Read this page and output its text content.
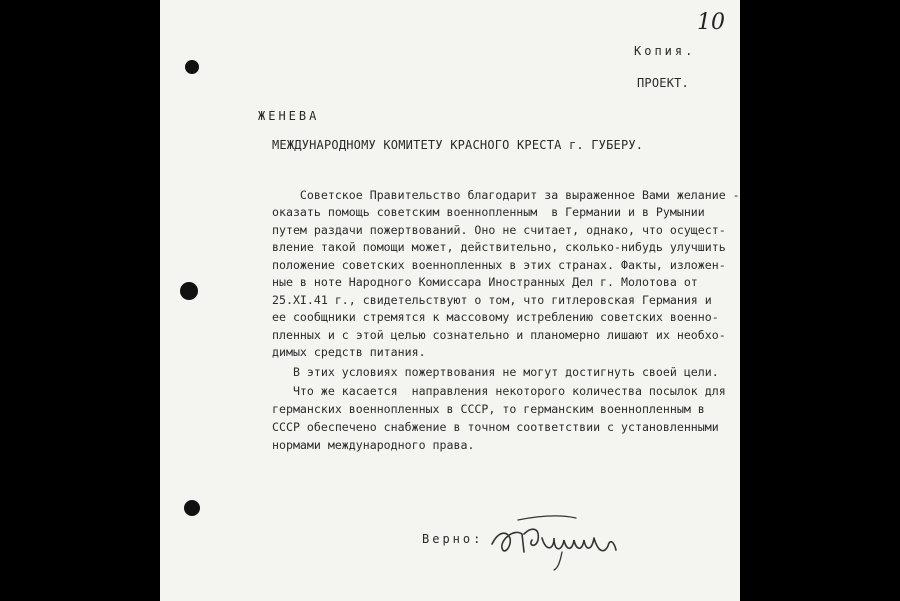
10
Копия.
ПРОЕКТ.
ЖЕНЕВА
МЕЖДУНАРОДНОМУ КОМИТЕТУ КРАСНОГО КРЕСТА г. ГУБЕРУ.
Советское Правительство благодарит за выраженное Вами желание -
оказать помощь советским военнопленным  в Германии и в Румынии
путем раздачи пожертвований. Оно не считает, однако, что осущест-
вление такой помощи может, действительно, сколько-нибудь улучшить
положение советских военнопленных в этих странах. Факты, изложен-
ные в ноте Народного Комиссара Иностранных Дел г. Молотова от
25.XI.41 г., свидетельствуют о том, что гитлеровская Германия и
ее сообщники стремятся к массовому истреблению советских военно-
пленных и с этой целью сознательно и планомерно лишают их необхо-
димых средств питания.
В этих условиях пожертвования не могут достигнуть своей цели.
Что же касается  направления некоторого количества посылок для
германских военнопленных в СССР, то германским военнопленным в
СССР обеспечено снабжение в точном соответствии с установленными
нормами международного права.
Верно:
